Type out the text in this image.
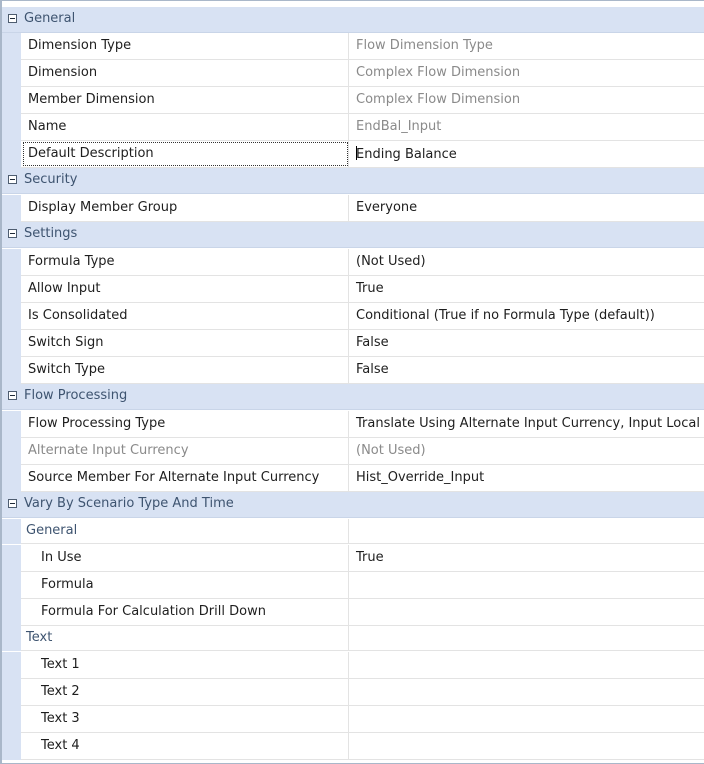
General
Dimension Type	Flow Dimension Type
Dimension	Complex Flow Dimension
Member Dimension	Complex Flow Dimension
Name	EndBal_Input
Default Description	Ending Balance
Security
Display Member Group	Everyone
Settings
Formula Type	(Not Used)
Allow Input	True
Is Consolidated	Conditional (True if no Formula Type (default))
Switch Sign	False
Switch Type	False
Flow Processing
Flow Processing Type	Translate Using Alternate Input Currency, Input Local
Alternate Input Currency	(Not Used)
Source Member For Alternate Input Currency	Hist_Override_Input
Vary By Scenario Type And Time
General
In Use	True
Formula
Formula For Calculation Drill Down
Text
Text 1
Text 2
Text 3
Text 4
